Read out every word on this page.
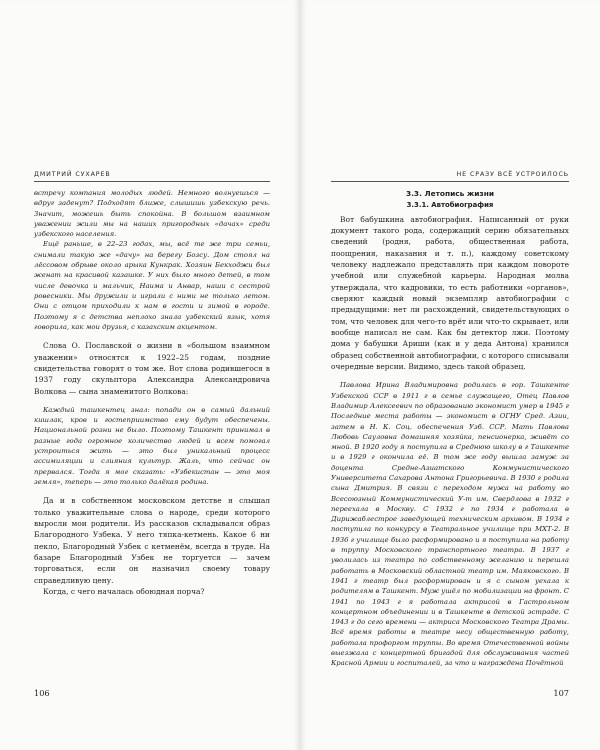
ДМИТРИЙ СУХАРЕВ

встречу компания молодых людей. Немного волнуешься — вдруг заденут? Подходят ближе, слышишь узбекскую речь. Значит, можешь быть спокойна. В большом взаимном уважении жили мы на наших пригородных «дачах» среди узбекского населения.

Ещё раньше, в 22–23 годах, мы, всё те же три семьи, снимали такую же «дачу» на берегу Бозсу. Дом стоял на лёссовом обрыве около арыка Кункрак. Хозяин Бекходжи был женат на красивой казашке. У них было много детей, в том числе девочка и мальчик, Наима и Анвар, наши с сестрой ровесники. Мы дружили и играли с ними не только летом. Они с отцом приходили к нам в гости и зимой в городе. Поэтому я с детства неплохо знала узбекский язык, хотя говорила, как мои друзья, с казахским акцентом.

Слова О. Пославской о жизни в «большом взаимном уважении» относятся к 1922–25 годам, поздние свидетельства говорят о том же. Вот слова родившегося в 1937 году скульптора Александра Александровича Волкова — сына знаменитого Волкова:

Каждый ташкентец знал: попади он в самый дальний кишлак, кров и гостеприимство ему будут обеспечены. Национальной розни не было. Поэтому Ташкент принимал в разные года огромное количество людей и всем помогал устроиться жить — это был уникальный процесс ассимиляции и слияния культур. Жаль, что сейчас он прервался. Тогда я мог сказать: «Узбекистан — это моя земля», теперь — это только далёкая родина.

Да и в собственном московском детстве я слышал только уважительные слова о народе, среди которого выросли мои родители. Из рассказов складывался образ Благородного Узбека. У него тяпка-кетмень. Какое 6 ни пекло, Благородный Узбек с кетменём, всегда в труде. На базаре Благородный Узбек не торгуется — зачем торговаться, если он назначил своему товару справедливую цену.

Когда, с чего началась обоюдная порча?

106
НЕ СРАЗУ ВСЁ УСТРОИЛОСЬ
3.3. Летопись жизни
3.3.1. Автобиография

Вот бабушкина автобиография. Написанный от руки документ такого рода, содержащий серию обязательных сведений (родня, работа, общественная работа, поощрения, наказания и т. п.), каждому советскому человеку надлежало представлять при каждом повороте учебной или служебной карьеры. Народная молва утверждала, что кадровики, то есть работники «органов», сверяют каждый новый экземпляр автобиографии с предыдущими: нет ли расхождений, свидетельствующих о том, что человек для чего-то врёт или что-то скрывает, или вообще написал не сам. Как бы детектор лжи. Поэтому дома у бабушки Ариши (как и у деда Антона) хранился образец собственной автобиографии, с которого списывали очередные версии. Видимо, здесь такой образец.

Павлова Ирина Владимировна родилась в гор. Ташкенте Узбекской ССР в 1911 г в семье служащего, Отец Павлов Владимир Алексеевич по образованию экономист умер в 1945 г Последние места работы — экономист в ОГНУ Сред. Азии, затем в Н. К. Соц. обеспечения Узб. ССР. Мать Павлова Любовь Сауловна домашняя хозяйка, пенсионерка, живёт со мной. В 1920 году я поступила в Среднюю школу в г Ташкенте и в 1929 г окончила её. В том же году вышла замуж за доцента Средне-Азиатского Коммунистического Университета Сахарова Антона Григорьевича. В 1930 г родила сына Дмитрия. В связи с переходом мужа на работу во Всесоюзный Коммунистический У-т им. Свердлова в 1932 г переехала в Москву. С 1932 г по 1934 г работала в Дирижаблестрое заведующей техническим архивом. В 1934 г поступила по конкурсу в Театральное училище при МХТ-2. В 1936 г училище было расформировано и я поступила на работу в труппу Московского транспортного театра. В 1937 г уволилась из театра по собственному желанию и перешла работать в Московский областной театр им. Маяковского. В 1941 г театр был расформирован и я с сыном уехала к родителям в Ташкент. Муж ушёл по мобилизации на фронт. С 1941 по 1943 г я работала актрисой в Гастрольном концертном объединении и в Ташкенте в детской эстраде. С 1943 г до сего времени — актриса Московского Театра Драмы. Всё время работы в театре несу общественную работу, работала профоргом труппы. Во время Отечественной войны выезжала с концертной бригадой для обслуживания частей Красной Армии и госпиталей, за что и награждена Почётной

107
